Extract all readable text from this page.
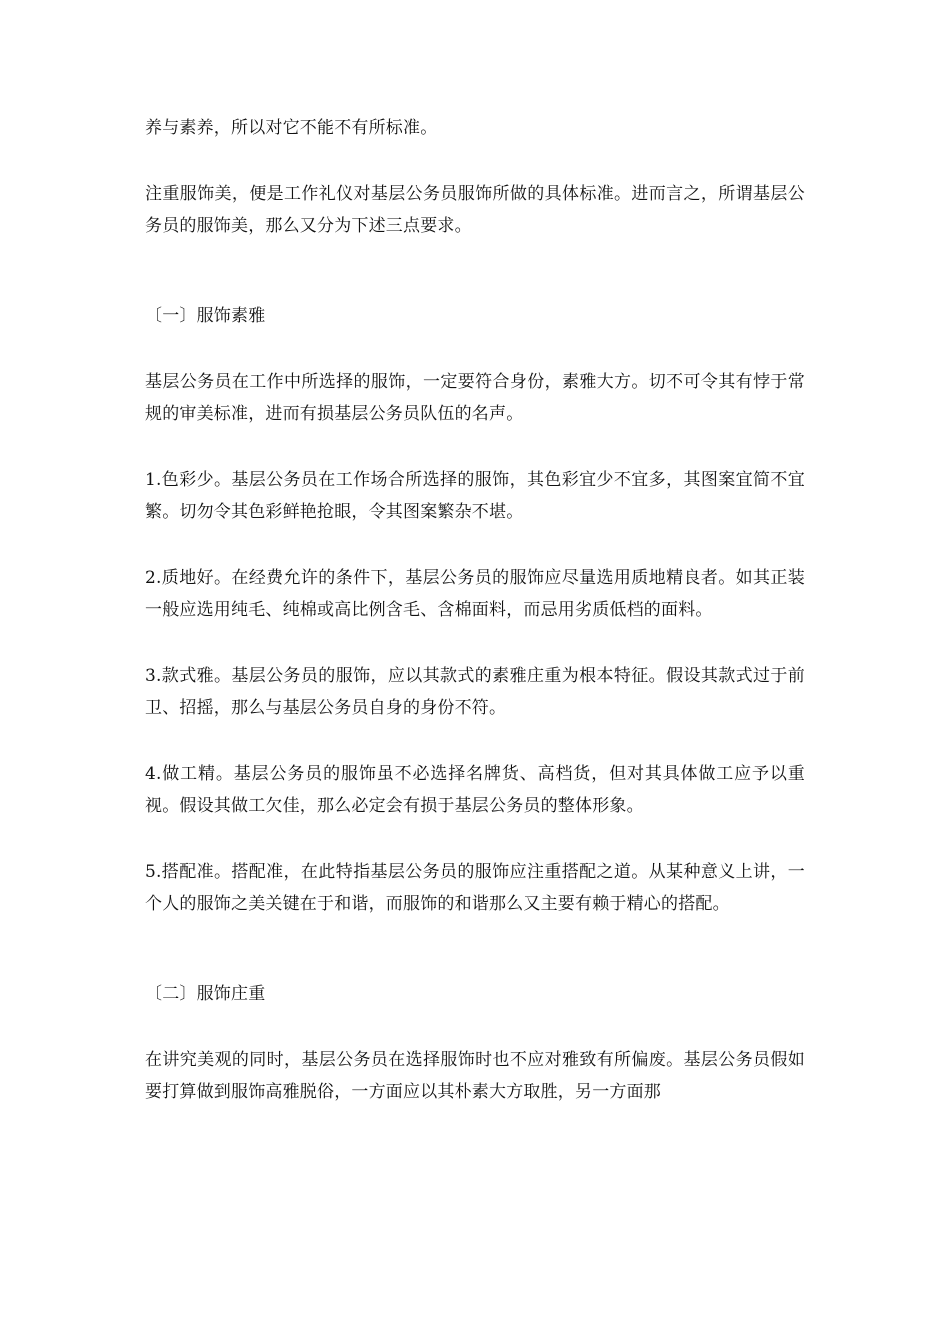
养与素养，所以对它不能不有所标准。

注重服饰美，便是工作礼仪对基层公务员服饰所做的具体标准。进而言之，所谓基层公务员的服饰美，那么又分为下述三点要求。

〔一〕服饰素雅

基层公务员在工作中所选择的服饰，一定要符合身份，素雅大方。切不可令其有悖于常规的审美标准，进而有损基层公务员队伍的名声。

1.色彩少。基层公务员在工作场合所选择的服饰，其色彩宜少不宜多，其图案宜简不宜繁。切勿令其色彩鲜艳抢眼，令其图案繁杂不堪。

2.质地好。在经费允许的条件下，基层公务员的服饰应尽量选用质地精良者。如其正装一般应选用纯毛、纯棉或高比例含毛、含棉面料，而忌用劣质低档的面料。

3.款式雅。基层公务员的服饰，应以其款式的素雅庄重为根本特征。假设其款式过于前卫、招摇，那么与基层公务员自身的身份不符。

4.做工精。基层公务员的服饰虽不必选择名牌货、高档货，但对其具体做工应予以重视。假设其做工欠佳，那么必定会有损于基层公务员的整体形象。

5.搭配准。搭配准，在此特指基层公务员的服饰应注重搭配之道。从某种意义上讲，一个人的服饰之美关键在于和谐，而服饰的和谐那么又主要有赖于精心的搭配。

〔二〕服饰庄重

在讲究美观的同时，基层公务员在选择服饰时也不应对雅致有所偏废。基层公务员假如要打算做到服饰高雅脱俗，一方面应以其朴素大方取胜，另一方面那
